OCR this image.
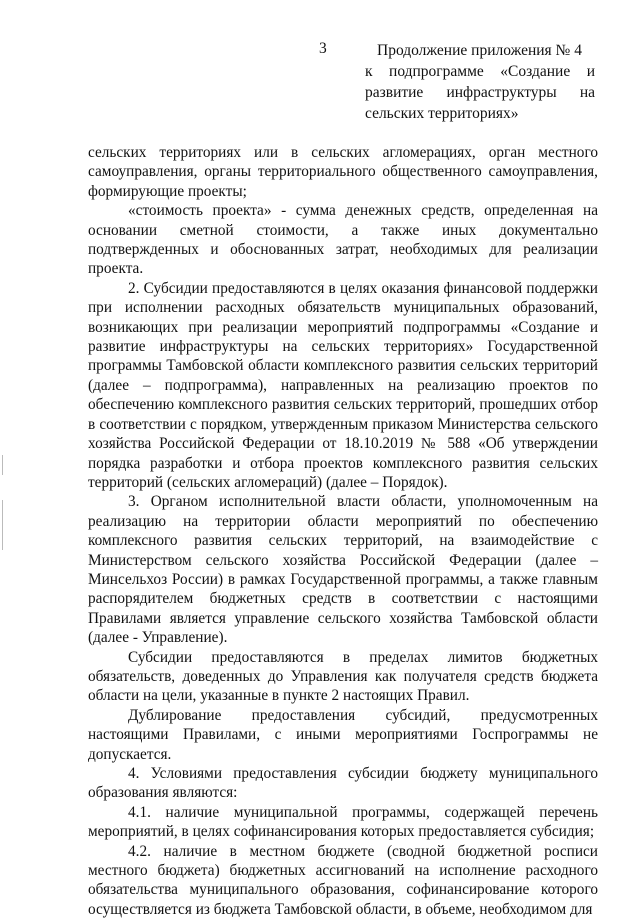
3	Продолжение приложения № 4
к подпрограмме «Создание и
развитие инфраструктуры на
сельских территориях»

сельских территориях или в сельских агломерациях, орган местного самоуправления, органы территориального общественного самоуправления, формирующие проекты;

«стоимость проекта» - сумма денежных средств, определенная на основании сметной стоимости, а также иных документально подтвержденных и обоснованных затрат, необходимых для реализации проекта.

2. Субсидии предоставляются в целях оказания финансовой поддержки при исполнении расходных обязательств муниципальных образований, возникающих при реализации мероприятий подпрограммы «Создание и развитие инфраструктуры на сельских территориях» Государственной программы Тамбовской области комплексного развития сельских территорий (далее – подпрограмма), направленных на реализацию проектов по обеспечению комплексного развития сельских территорий, прошедших отбор в соответствии с порядком, утвержденным приказом Министерства сельского хозяйства Российской Федерации от 18.10.2019 № 588 «Об утверждении порядка разработки и отбора проектов комплексного развития сельских территорий (сельских агломераций) (далее – Порядок).

3. Органом исполнительной власти области, уполномоченным на реализацию на территории области мероприятий по обеспечению комплексного развития сельских территорий, на взаимодействие с Министерством сельского хозяйства Российской Федерации (далее – Минсельхоз России) в рамках Государственной программы, а также главным распорядителем бюджетных средств в соответствии с настоящими Правилами является управление сельского хозяйства Тамбовской области (далее - Управление).

Субсидии предоставляются в пределах лимитов бюджетных обязательств, доведенных до Управления как получателя средств бюджета области на цели, указанные в пункте 2 настоящих Правил.

Дублирование предоставления субсидий, предусмотренных настоящими Правилами, с иными мероприятиями Госпрограммы не допускается.

4. Условиями предоставления субсидии бюджету муниципального образования являются:

4.1. наличие муниципальной программы, содержащей перечень мероприятий, в целях софинансирования которых предоставляется субсидия;

4.2. наличие в местном бюджете (сводной бюджетной росписи местного бюджета) бюджетных ассигнований на исполнение расходного обязательства муниципального образования, софинансирование которого осуществляется из бюджета Тамбовской области, в объеме, необходимом для
